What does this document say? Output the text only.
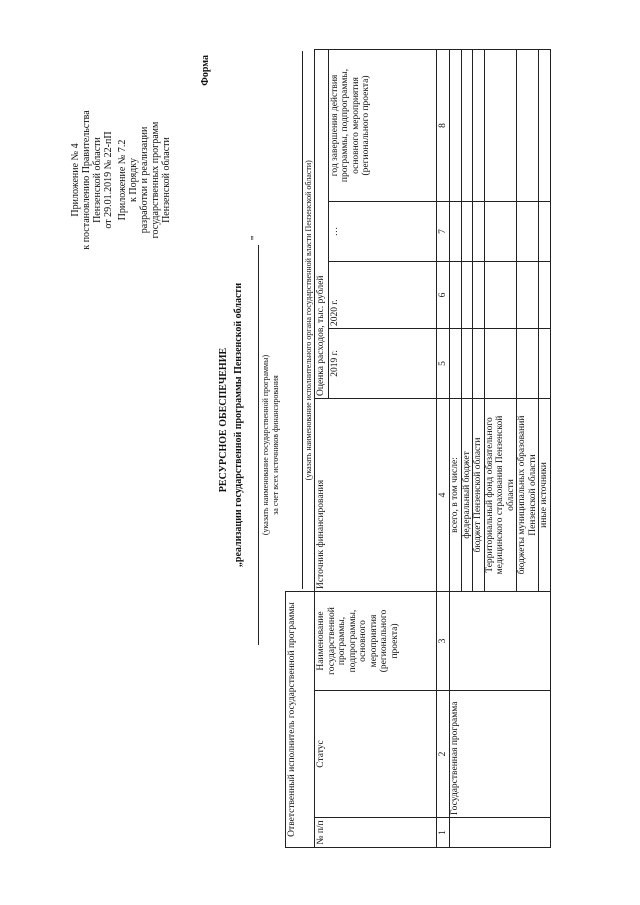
Приложение № 4 к постановлению Правительства Пензенской области от 29.01.2019 № 22-пП Приложение № 7.2 к Порядку разработки и реализации государственных программ Пензенской области
Форма
РЕСУРСНОЕ ОБЕСПЕЧЕНИЕ
„реализации государственной программы Пензенской области
"
(указать наименование государственной программы) за счет всех источников финансирования
Ответственный исполнитель государственной программы			(указать наименование исполнительного органа государственной власти Пензенской области)				

№ п/п	Статус	Наименование государственной программы, подпрограммы, основного мероприятия (регионального проекта)	Источник финансирования	Оценка расходов, тыс. рублей			
				2019 г.	2020 г.	…	год завершения действия программы, подпрограммы, основного мероприятия (регионального проекта)
1	2	3	4	5	6	7	8
	Государственная программа		всего, в том числе:				
			федеральный бюджет				
			бюджет Пензенской области				
			Территориальный фонд обязательного медицинского страхования Пензенской области				
			бюджеты муниципальных образований Пензенской области				
			иные источники				
